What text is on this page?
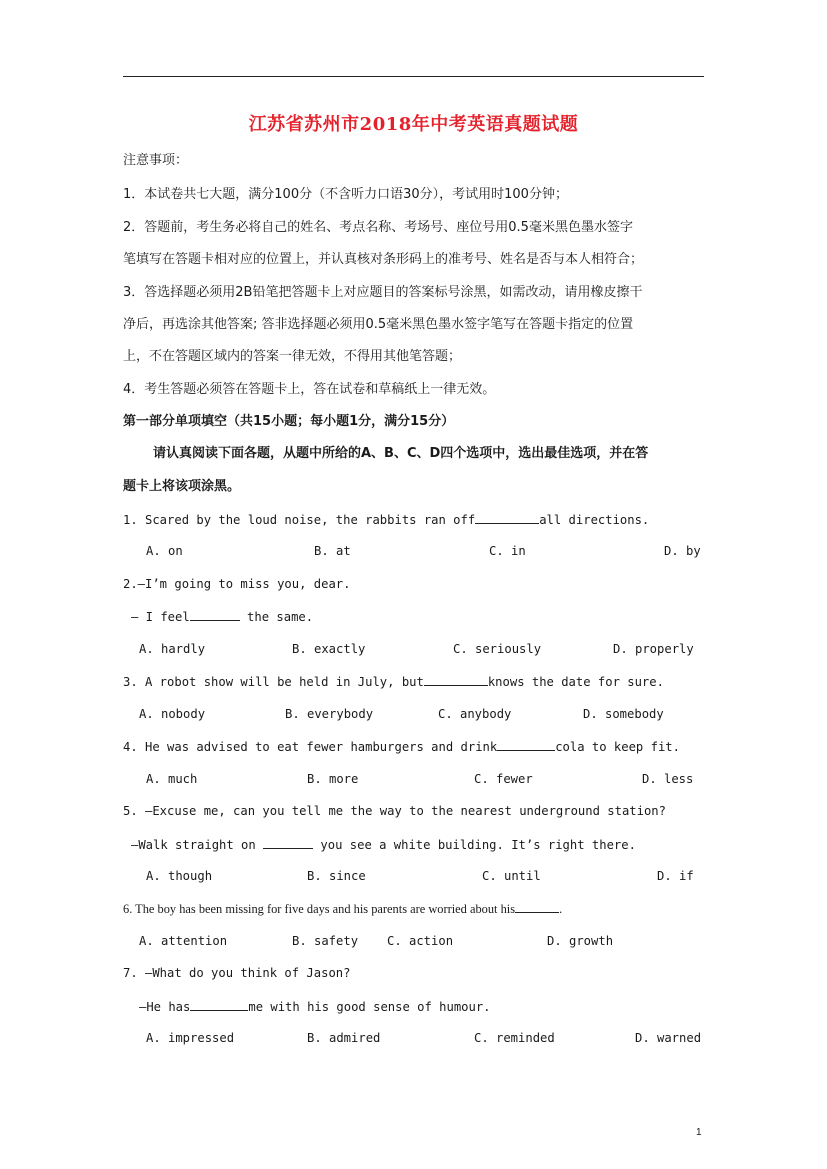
江苏省苏州市2018年中考英语真题试题
注意事项：
1．本试卷共七大题，满分100分（不含听力口语30分），考试用时100分钟；
2．答题前，考生务必将自己的姓名、考点名称、考场号、座位号用0.5毫米黑色墨水签字
笔填写在答题卡相对应的位置上，并认真核对条形码上的准考号、姓名是否与本人相符合；
3．答选择题必须用2B铅笔把答题卡上对应题目的答案标号涂黑，如需改动，请用橡皮擦干
净后，再选涂其他答案; 答非选择题必须用0.5毫米黑色墨水签字笔写在答题卡指定的位置
上，不在答题区域内的答案一律无效，不得用其他笔答题；
4．考生答题必须答在答题卡上，答在试卷和草稿纸上一律无效。
第一部分单项填空（共15小题；每小题1分，满分15分）
请认真阅读下面各题，从题中所给的A、B、C、D四个选项中，选出最佳选项，并在答
题卡上将该项涂黑。
1. Scared by the loud noise, the rabbits ran off	all directions.
A. on	B. at	C. in	D. by
2.—I’m going to miss you, dear.
— I feel	the same.
A. hardly	B. exactly	C. seriously	D. properly
3. A robot show will be held in July, but	knows the date for sure.
A. nobody	B. everybody	C. anybody	D. somebody
4. He was advised to eat fewer hamburgers and drink	cola to keep fit.
A. much	B. more	C. fewer	D. less
5. —Excuse me, can you tell me the way to the nearest underground station?
—Walk straight on	you see a white building. It’s right there.
A. though	B. since	C. until	D. if
6. The boy has been missing for five days and his parents are worried about his	.
A. attention	B. safety C. action	D. growth
7. —What do you think of Jason?
—He has	me with his good sense of humour.
A. impressed	B. admired	C. reminded	D. warned
1
